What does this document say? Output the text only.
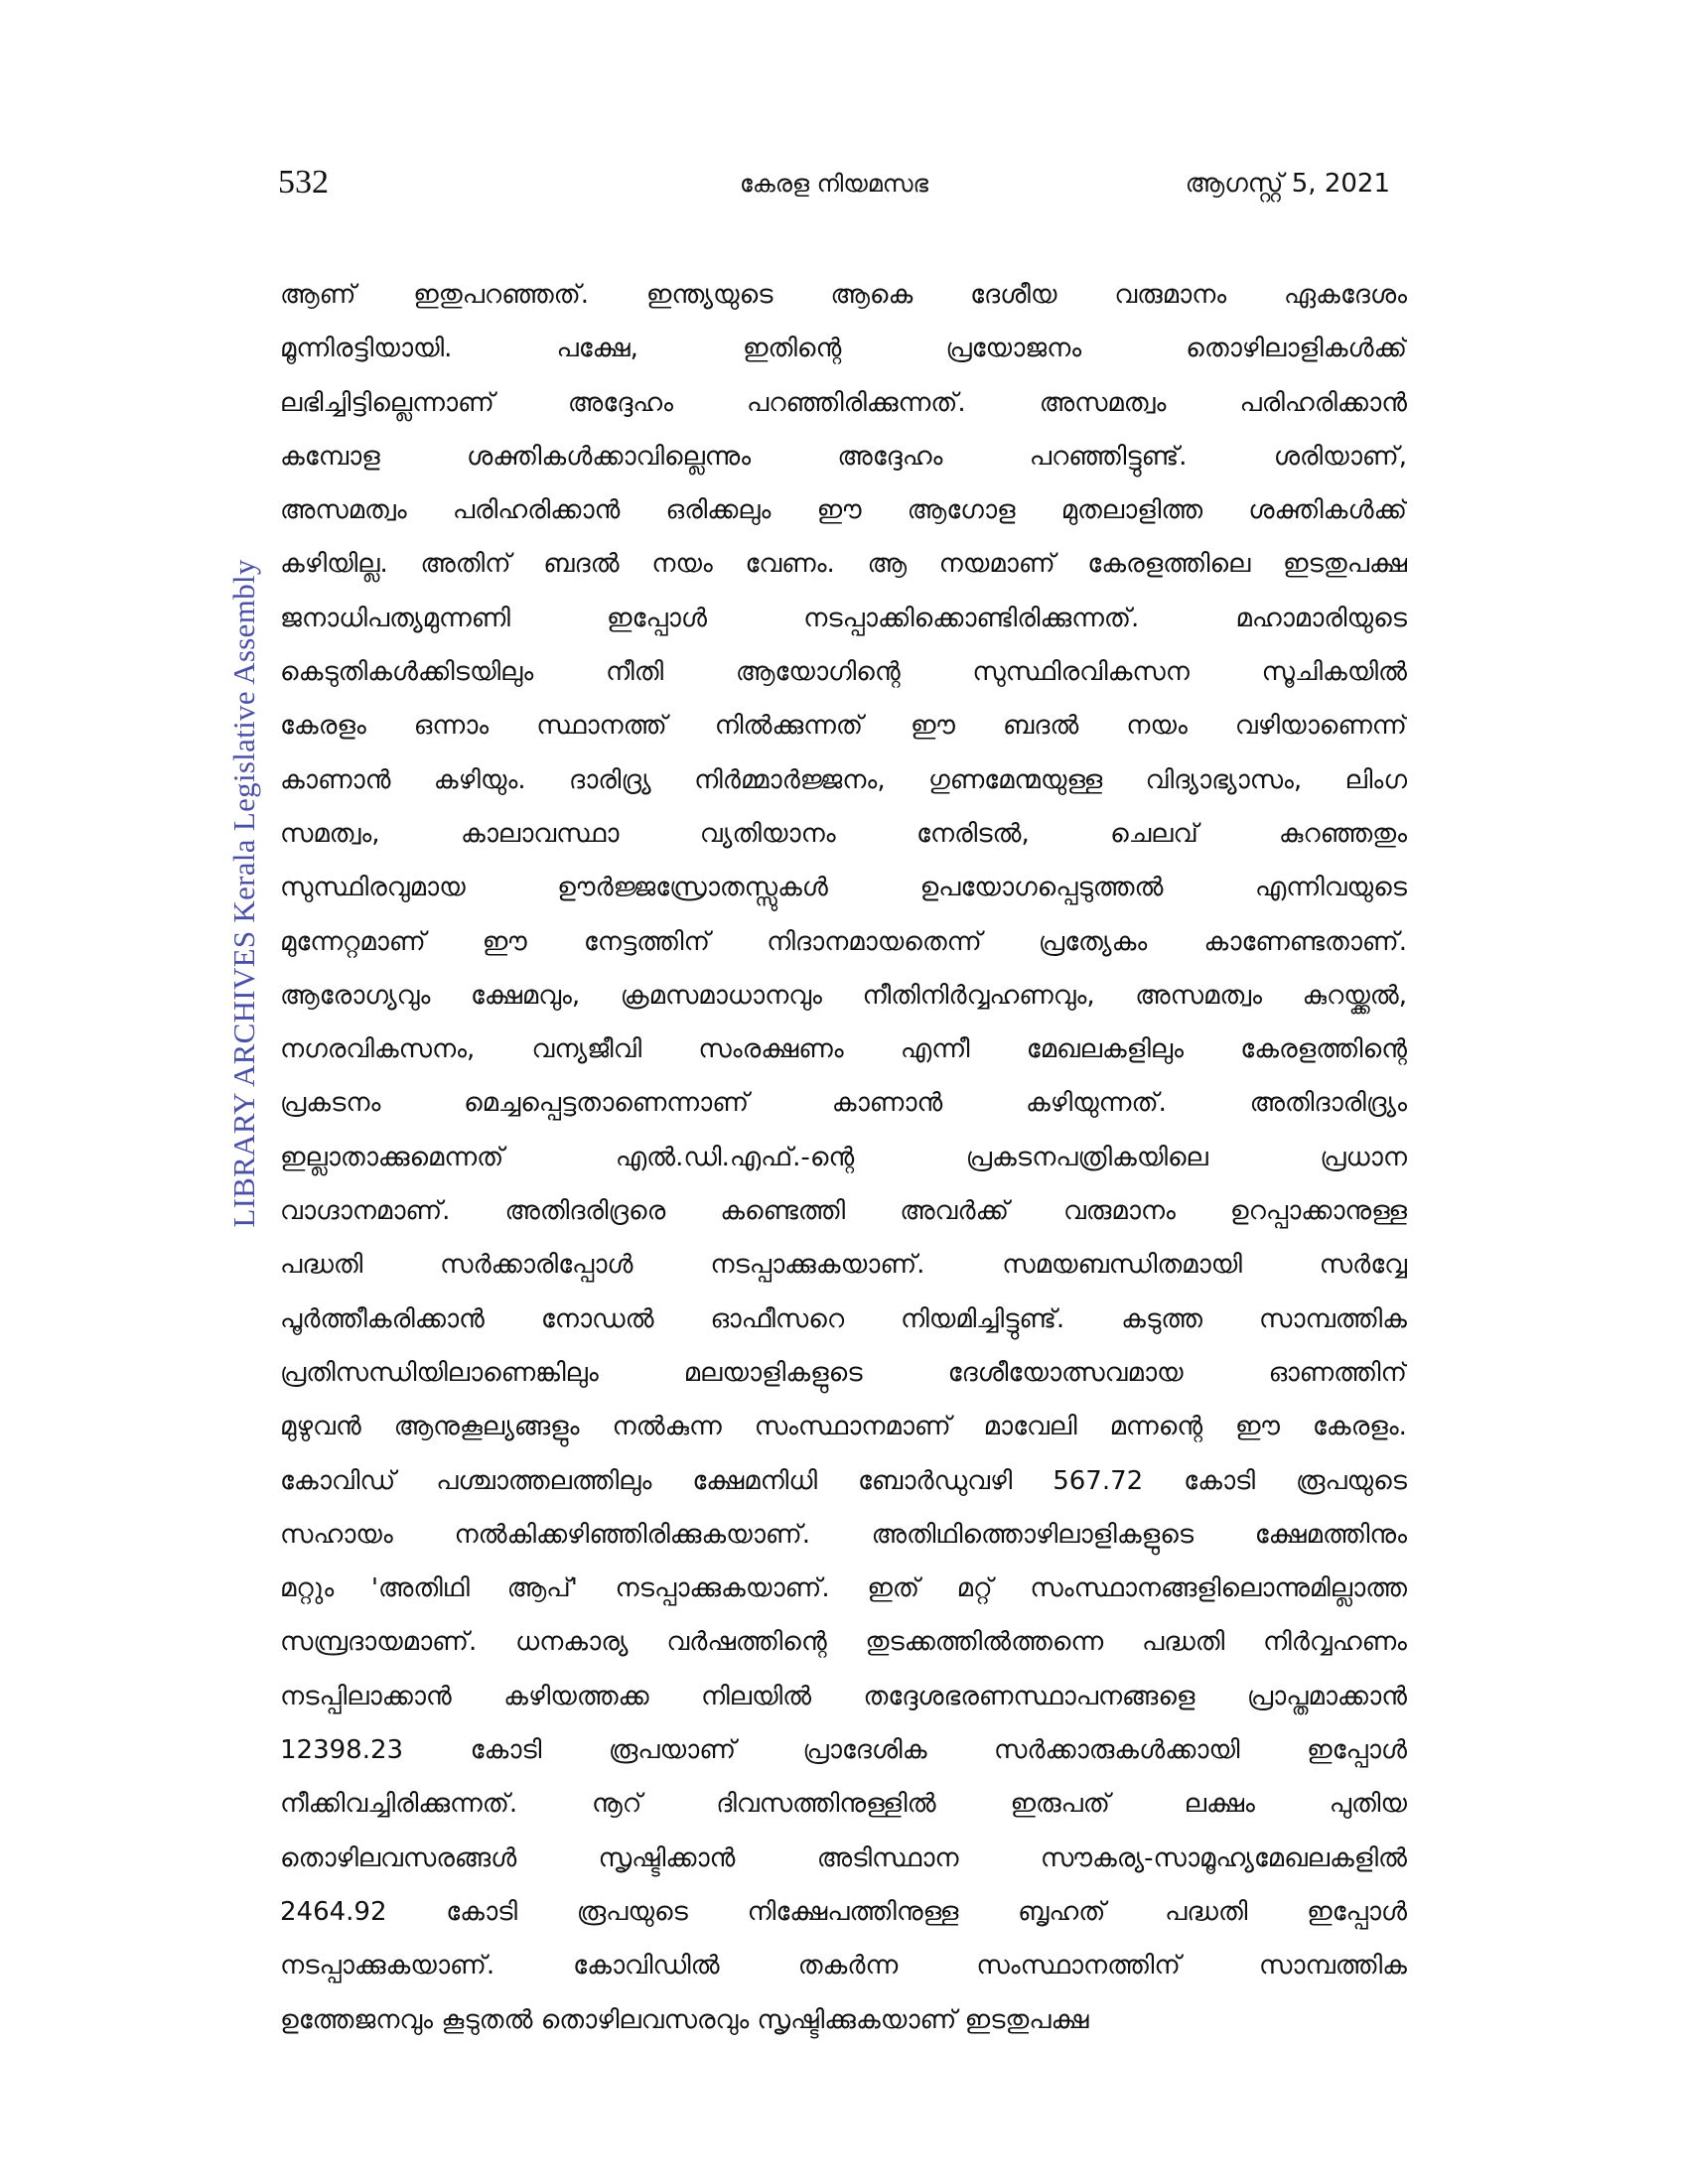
532	കേരള നിയമസഭ	ആഗസ്റ്റ് 5, 2021
LIBRARY ARCHIVES Kerala Legislative Assembly
ആണ് ഇതുപറഞ്ഞത്. ഇന്ത്യയുടെ ആകെ ദേശീയ വരുമാനം ഏകദേശം
മൂന്നിരട്ടിയായി.	പക്ഷേ,	ഇതിന്റെ	പ്രയോജനം	തൊഴിലാളികൾക്ക്
ലഭിച്ചിട്ടില്ലെന്നാണ്	അദ്ദേഹം	പറഞ്ഞിരിക്കുന്നത്.	അസമത്വം	പരിഹരിക്കാൻ
കമ്പോള	ശക്തികൾക്കാവില്ലെന്നും	അദ്ദേഹം	പറഞ്ഞിട്ടുണ്ട്.	ശരിയാണ്,
അസമത്വം പരിഹരിക്കാൻ ഒരിക്കലും ഈ ആഗോള മുതലാളിത്ത ശക്തികൾക്ക്
കഴിയില്ല. അതിന് ബദൽ നയം വേണം. ആ നയമാണ് കേരളത്തിലെ ഇടതുപക്ഷ
ജനാധിപത്യമുന്നണി	ഇപ്പോൾ	നടപ്പാക്കിക്കൊണ്ടിരിക്കുന്നത്.	മഹാമാരിയുടെ
കെടുതികൾക്കിടയിലും	നീതി	ആയോഗിന്റെ	സുസ്ഥിരവികസന	സൂചികയിൽ
കേരളം ഒന്നാം സ്ഥാനത്ത് നിൽക്കുന്നത് ഈ ബദൽ നയം വഴിയാണെന്ന്
കാണാൻ കഴിയും. ദാരിദ്ര്യ നിർമ്മാർജ്ജനം, ഗുണമേന്മയുള്ള വിദ്യാഭ്യാസം, ലിംഗ
സമത്വം,	കാലാവസ്ഥാ	വ്യതിയാനം	നേരിടൽ,	ചെലവ്	കുറഞ്ഞതും
സുസ്ഥിരവുമായ	ഊർജ്ജസ്രോതസ്സുകൾ	ഉപയോഗപ്പെടുത്തൽ	എന്നിവയുടെ
മുന്നേറ്റമാണ് ഈ നേട്ടത്തിന് നിദാനമായതെന്ന് പ്രത്യേകം കാണേണ്ടതാണ്.
ആരോഗ്യവും ക്ഷേമവും, ക്രമസമാധാനവും നീതിനിർവ്വഹണവും, അസമത്വം കുറയ്ക്കൽ,
നഗരവികസനം, വന്യജീവി സംരക്ഷണം എന്നീ മേഖലകളിലും കേരളത്തിന്റെ
പ്രകടനം	മെച്ചപ്പെട്ടതാണെന്നാണ്	കാണാൻ	കഴിയുന്നത്.	അതിദാരിദ്ര്യം
ഇല്ലാതാക്കുമെന്നത്	എൽ.ഡി.എഫ്.-ന്റെ	പ്രകടനപത്രികയിലെ	പ്രധാന
വാഗ്ദാനമാണ്. അതിദരിദ്രരെ കണ്ടെത്തി അവർക്ക് വരുമാനം ഉറപ്പാക്കാനുള്ള
പദ്ധതി	സർക്കാരിപ്പോൾ	നടപ്പാക്കുകയാണ്.	സമയബന്ധിതമായി	സർവ്വേ
പൂർത്തീകരിക്കാൻ നോഡൽ ഓഫീസറെ നിയമിച്ചിട്ടുണ്ട്. കടുത്ത സാമ്പത്തിക
പ്രതിസന്ധിയിലാണെങ്കിലും	മലയാളികളുടെ	ദേശീയോത്സവമായ	ഓണത്തിന്
മുഴുവൻ ആനുകൂല്യങ്ങളും നൽകുന്ന സംസ്ഥാനമാണ് മാവേലി മന്നന്റെ ഈ കേരളം.
കോവിഡ് പശ്ചാത്തലത്തിലും ക്ഷേമനിധി ബോർഡുവഴി 567.72 കോടി രൂപയുടെ
സഹായം നൽകിക്കഴിഞ്ഞിരിക്കുകയാണ്. അതിഥിത്തൊഴിലാളികളുടെ ക്ഷേമത്തിനും
മറ്റും 'അതിഥി ആപ്' നടപ്പാക്കുകയാണ്. ഇത് മറ്റ് സംസ്ഥാനങ്ങളിലൊന്നുമില്ലാത്ത
സമ്പ്രദായമാണ്. ധനകാര്യ വർഷത്തിന്റെ തുടക്കത്തിൽത്തന്നെ പദ്ധതി നിർവ്വഹണം
നടപ്പിലാക്കാൻ കഴിയത്തക്ക നിലയിൽ തദ്ദേശഭരണസ്ഥാപനങ്ങളെ പ്രാപ്തമാക്കാൻ
12398.23	കോടി	രൂപയാണ്	പ്രാദേശിക	സർക്കാരുകൾക്കായി	ഇപ്പോൾ
നീക്കിവച്ചിരിക്കുന്നത്.	നൂറ്	ദിവസത്തിനുള്ളിൽ	ഇരുപത്	ലക്ഷം	പുതിയ
തൊഴിലവസരങ്ങൾ	സൃഷ്ടിക്കാൻ	അടിസ്ഥാന	സൗകര്യ-സാമൂഹ്യമേഖലകളിൽ
2464.92 കോടി രൂപയുടെ നിക്ഷേപത്തിനുള്ള ബൃഹത് പദ്ധതി ഇപ്പോൾ
നടപ്പാക്കുകയാണ്.	കോവിഡിൽ	തകർന്ന	സംസ്ഥാനത്തിന്	സാമ്പത്തിക
ഉത്തേജനവും
കൂടുതൽ
തൊഴിലവസരവും
സൃഷ്ടിക്കുകയാണ്
ഇടതുപക്ഷ
